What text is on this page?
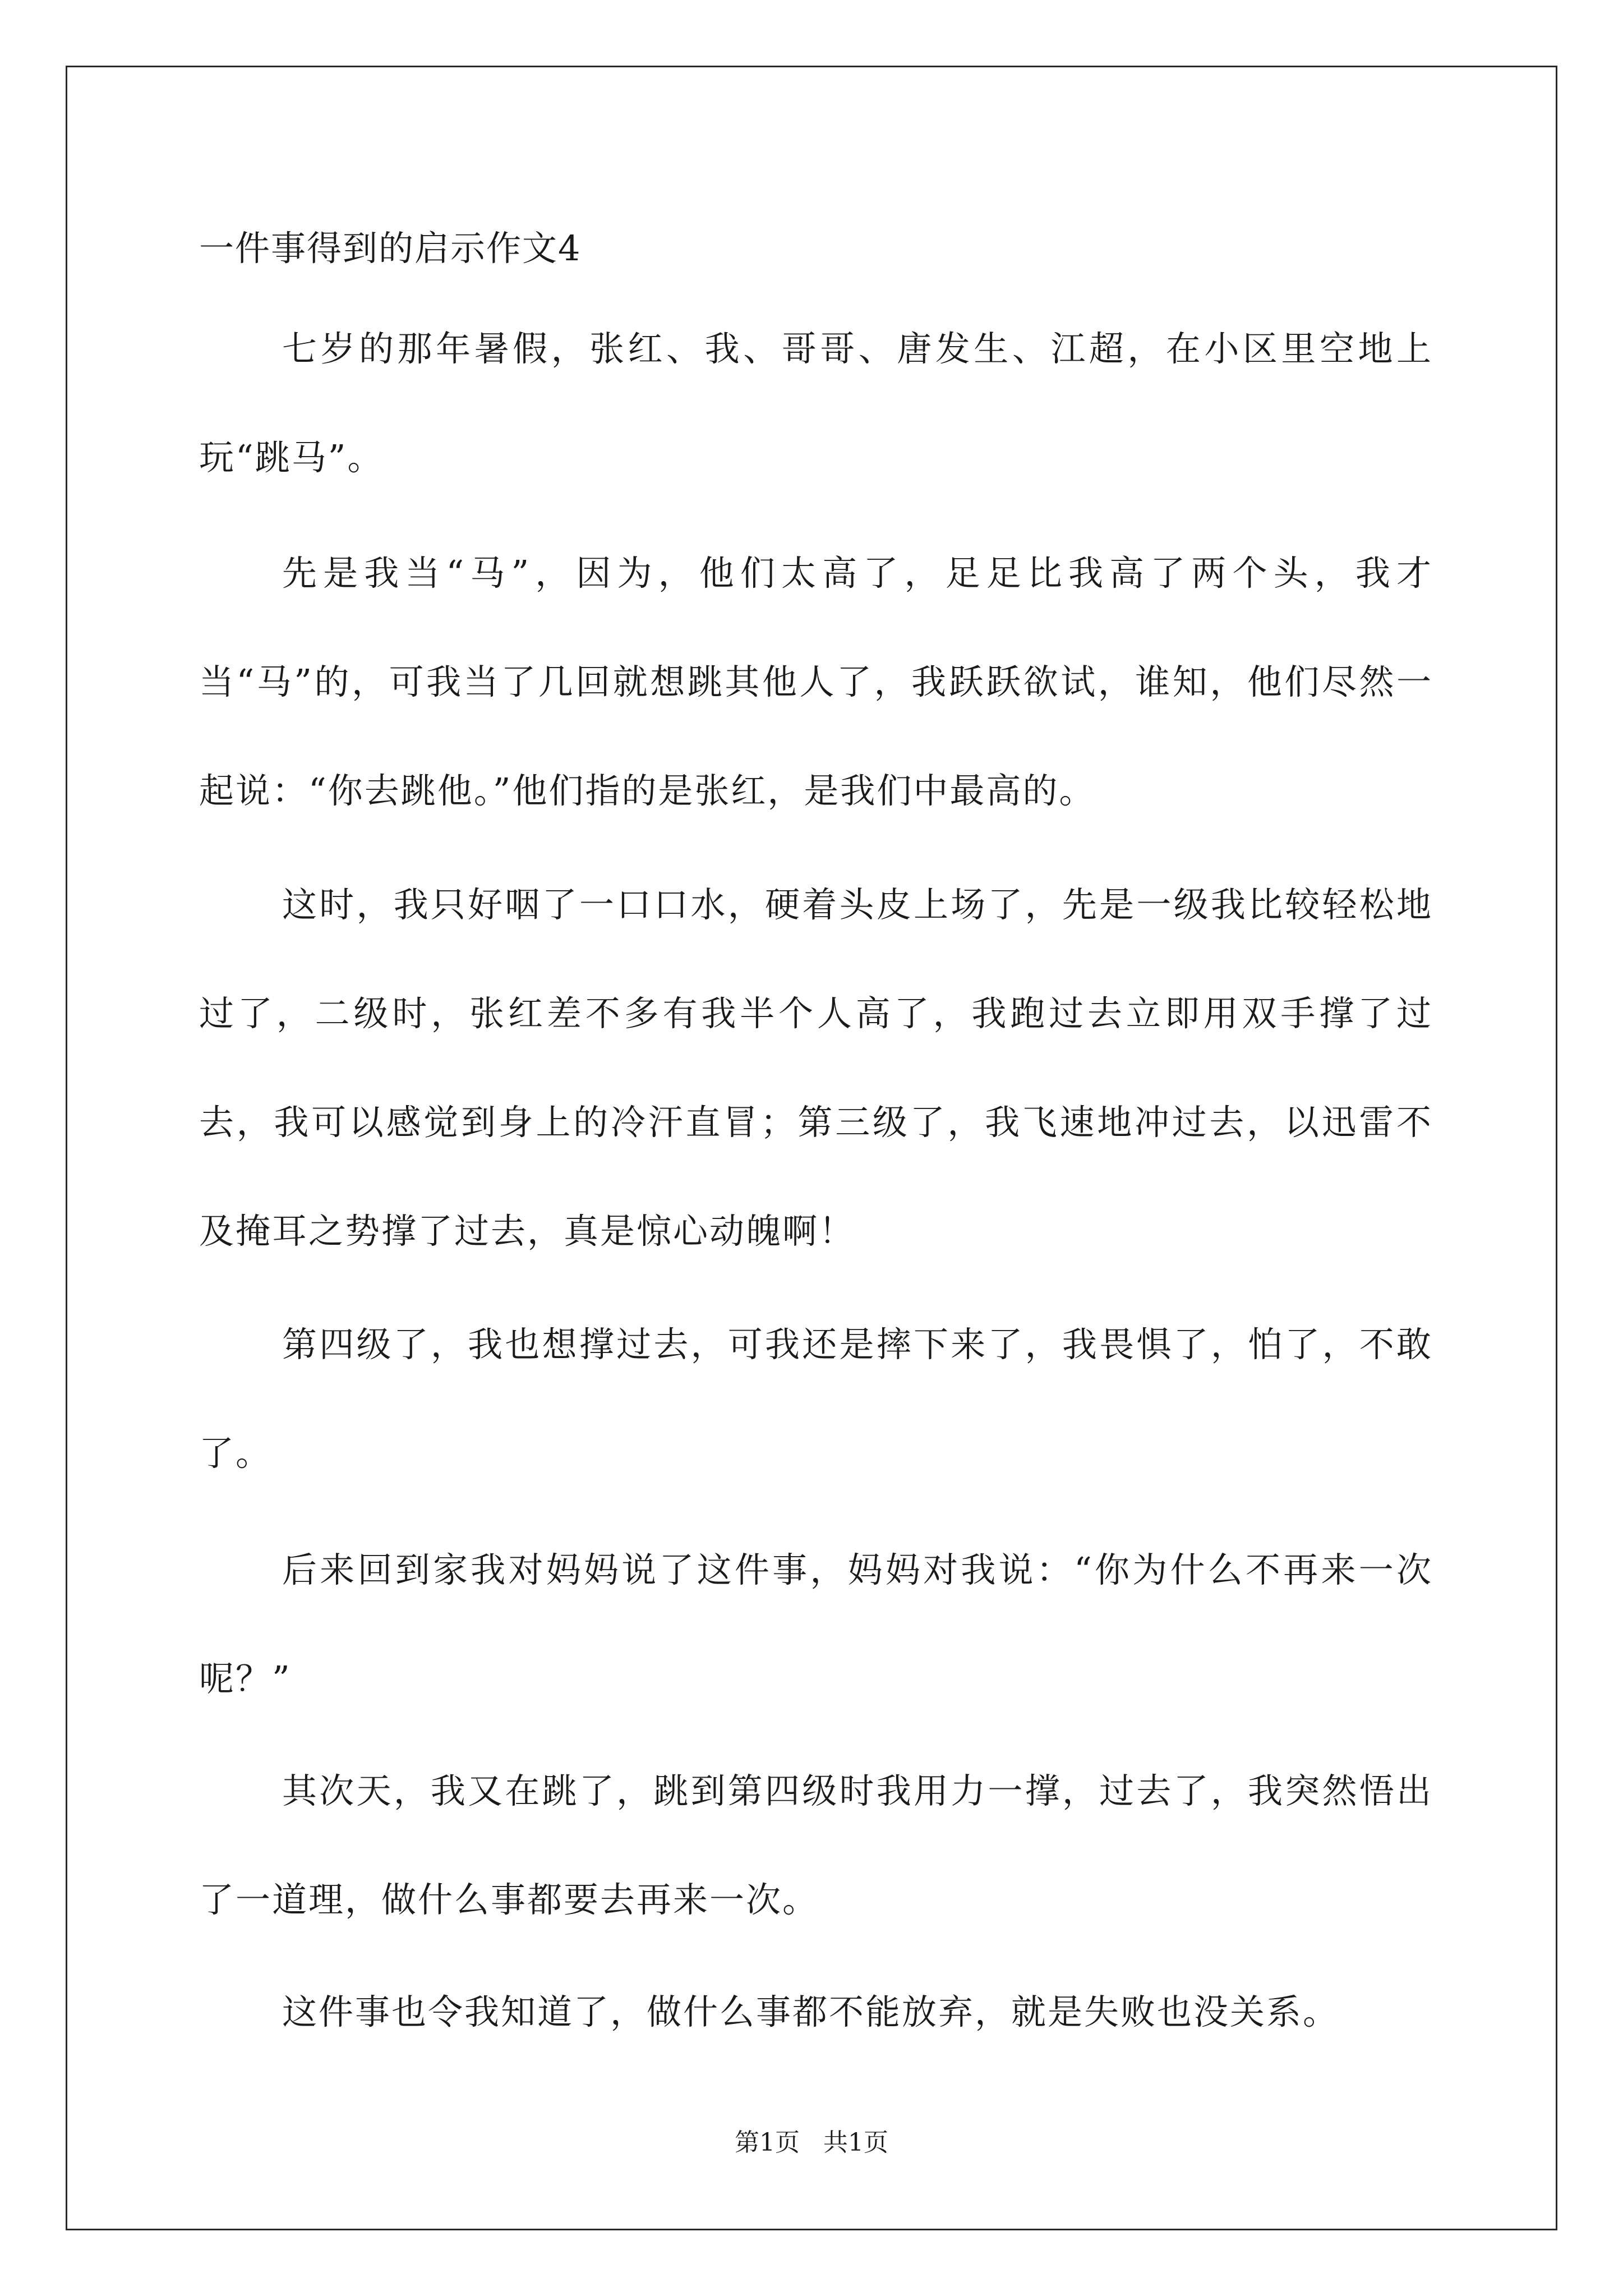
一件事得到的启示作文4

七岁的那年暑假，张红、我、哥哥、唐发生、江超，在小区里空地上玩“跳马”。

先是我当“马”，因为，他们太高了，足足比我高了两个头，我才当“马”的，可我当了几回就想跳其他人了，我跃跃欲试，谁知，他们尽然一起说：“你去跳他。”他们指的是张红，是我们中最高的。

这时，我只好咽了一口口水，硬着头皮上场了，先是一级我比较轻松地过了，二级时，张红差不多有我半个人高了，我跑过去立即用双手撑了过去，我可以感觉到身上的冷汗直冒；第三级了，我飞速地冲过去，以迅雷不及掩耳之势撑了过去，真是惊心动魄啊！

第四级了，我也想撑过去，可我还是摔下来了，我畏惧了，怕了，不敢了。

后来回到家我对妈妈说了这件事，妈妈对我说：“你为什么不再来一次呢？”

其次天，我又在跳了，跳到第四级时我用力一撑，过去了，我突然悟出了一道理，做什么事都要去再来一次。

这件事也令我知道了，做什么事都不能放弃，就是失败也没关系。

第1页   共1页
